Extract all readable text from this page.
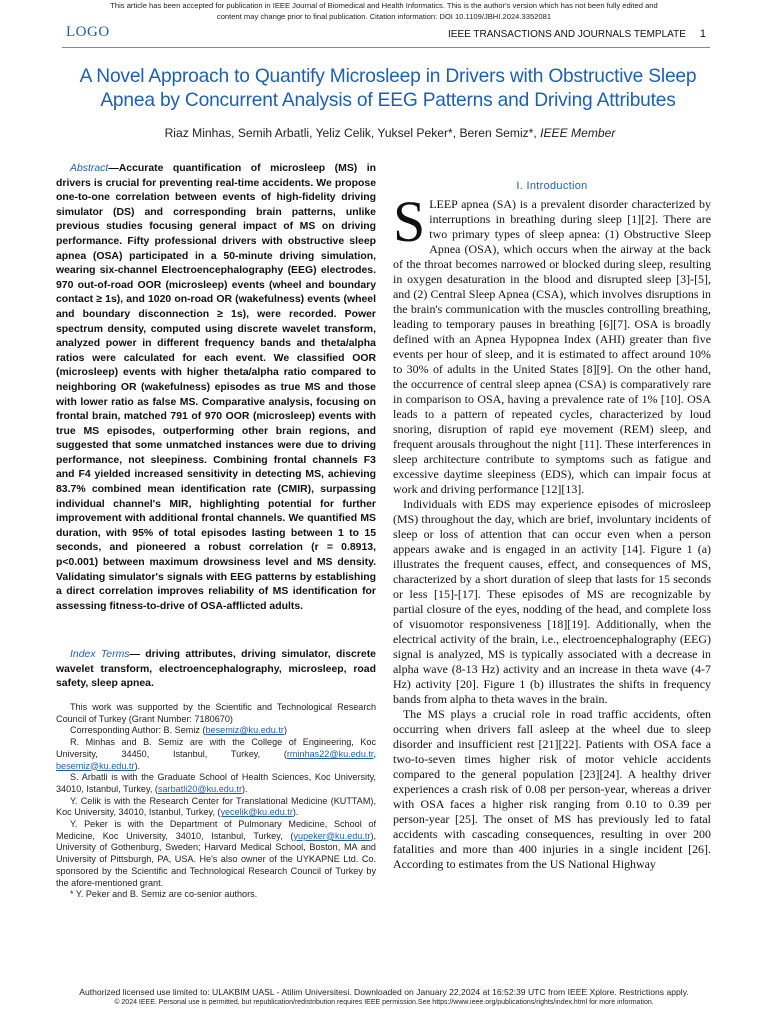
This article has been accepted for publication in IEEE Journal of Biomedical and Health Informatics. This is the author's version which has not been fully edited and
content may change prior to final publication. Citation information: DOI 10.1109/JBHI.2024.3352081
LOGO	IEEE TRANSACTIONS AND JOURNALS TEMPLATE 1
A Novel Approach to Quantify Microsleep in Drivers with Obstructive Sleep Apnea by Concurrent Analysis of EEG Patterns and Driving Attributes
Riaz Minhas, Semih Arbatli, Yeliz Celik, Yuksel Peker*, Beren Semiz*, IEEE Member
Abstract—Accurate quantification of microsleep (MS) in drivers is crucial for preventing real-time accidents. We propose one-to-one correlation between events of high-fidelity driving simulator (DS) and corresponding brain patterns, unlike previous studies focusing general impact of MS on driving performance. Fifty professional drivers with obstructive sleep apnea (OSA) participated in a 50-minute driving simulation, wearing six-channel Electroencephalography (EEG) electrodes. 970 out-of-road OOR (microsleep) events (wheel and boundary contact ≥ 1s), and 1020 on-road OR (wakefulness) events (wheel and boundary disconnection ≥ 1s), were recorded. Power spectrum density, computed using discrete wavelet transform, analyzed power in different frequency bands and theta/alpha ratios were calculated for each event. We classified OOR (microsleep) events with higher theta/alpha ratio compared to neighboring OR (wakefulness) episodes as true MS and those with lower ratio as false MS. Comparative analysis, focusing on frontal brain, matched 791 of 970 OOR (microsleep) events with true MS episodes, outperforming other brain regions, and suggested that some unmatched instances were due to driving performance, not sleepiness. Combining frontal channels F3 and F4 yielded increased sensitivity in detecting MS, achieving 83.7% combined mean identification rate (CMIR), surpassing individual channel's MIR, highlighting potential for further improvement with additional frontal channels. We quantified MS duration, with 95% of total episodes lasting between 1 to 15 seconds, and pioneered a robust correlation (r = 0.8913, p<0.001) between maximum drowsiness level and MS density. Validating simulator's signals with EEG patterns by establishing a direct correlation improves reliability of MS identification for assessing fitness-to-drive of OSA-afflicted adults.
Index Terms— driving attributes, driving simulator, discrete wavelet transform, electroencephalography, microsleep, road safety, sleep apnea.

This work was supported by the Scientific and Technological Research Council of Turkey (Grant Number: 7180670)

Corresponding Author: B. Semiz (besemiz@ku.edu.tr)

R. Minhas and B. Semiz are with the College of Engineering, Koc University, 34450, Istanbul, Turkey, (rminhas22@ku.edu.tr, besemiz@ku.edu.tr).

S. Arbatli is with the Graduate School of Health Sciences, Koc University, 34010, Istanbul, Turkey, (sarbatli20@ku.edu.tr).

Y. Celik is with the Research Center for Translational Medicine (KUTTAM), Koc University, 34010, Istanbul, Turkey, (yecelik@ku.edu.tr).

Y. Peker is with the Department of Pulmonary Medicine, School of Medicine, Koc University, 34010, Istanbul, Turkey, (yupeker@ku.edu.tr), University of Gothenburg, Sweden; Harvard Medical School, Boston, MA and University of Pittsburgh, PA, USA. He's also owner of the UYKAPNE Ltd. Co. sponsored by the Scientific and Technological Research Council of Turkey by the afore-mentioned grant.

* Y. Peker and B. Semiz are co-senior authors.

I. Introduction

SLEEP apnea (SA) is a prevalent disorder characterized by interruptions in breathing during sleep [1][2]. There are two primary types of sleep apnea: (1) Obstructive Sleep Apnea (OSA), which occurs when the airway at the back of the throat becomes narrowed or blocked during sleep, resulting in oxygen desaturation in the blood and disrupted sleep [3]-[5], and (2) Central Sleep Apnea (CSA), which involves disruptions in the brain's communication with the muscles controlling breathing, leading to temporary pauses in breathing [6][7]. OSA is broadly defined with an Apnea Hypopnea Index (AHI) greater than five events per hour of sleep, and it is estimated to affect around 10% to 30% of adults in the United States [8][9]. On the other hand, the occurrence of central sleep apnea (CSA) is comparatively rare in comparison to OSA, having a prevalence rate of 1% [10]. OSA leads to a pattern of repeated cycles, characterized by loud snoring, disruption of rapid eye movement (REM) sleep, and frequent arousals throughout the night [11]. These interferences in sleep architecture contribute to symptoms such as fatigue and excessive daytime sleepiness (EDS), which can impair focus at work and driving performance [12][13].

Individuals with EDS may experience episodes of microsleep (MS) throughout the day, which are brief, involuntary incidents of sleep or loss of attention that can occur even when a person appears awake and is engaged in an activity [14]. Figure 1 (a) illustrates the frequent causes, effect, and consequences of MS, characterized by a short duration of sleep that lasts for 15 seconds or less [15]-[17]. These episodes of MS are recognizable by partial closure of the eyes, nodding of the head, and complete loss of visuomotor responsiveness [18][19]. Additionally, when the electrical activity of the brain, i.e., electroencephalography (EEG) signal is analyzed, MS is typically associated with a decrease in alpha wave (8-13 Hz) activity and an increase in theta wave (4-7 Hz) activity [20]. Figure 1 (b) illustrates the shifts in frequency bands from alpha to theta waves in the brain.

The MS plays a crucial role in road traffic accidents, often occurring when drivers fall asleep at the wheel due to sleep disorder and insufficient rest [21][22]. Patients with OSA face a two-to-seven times higher risk of motor vehicle accidents compared to the general population [23][24]. A healthy driver experiences a crash risk of 0.08 per person-year, whereas a driver with OSA faces a higher risk ranging from 0.10 to 0.39 per person-year [25]. The onset of MS has previously led to fatal accidents with cascading consequences, resulting in over 200 fatalities and more than 400 injuries in a single incident [26]. According to estimates from the US National Highway

Authorized licensed use limited to: ULAKBIM UASL - Atilim Universitesi. Downloaded on January 22,2024 at 16:52:39 UTC from IEEE Xplore. Restrictions apply.
© 2024 IEEE. Personal use is permitted, but republication/redistribution requires IEEE permission.See https://www.ieee.org/publications/rights/index.html for more information.
